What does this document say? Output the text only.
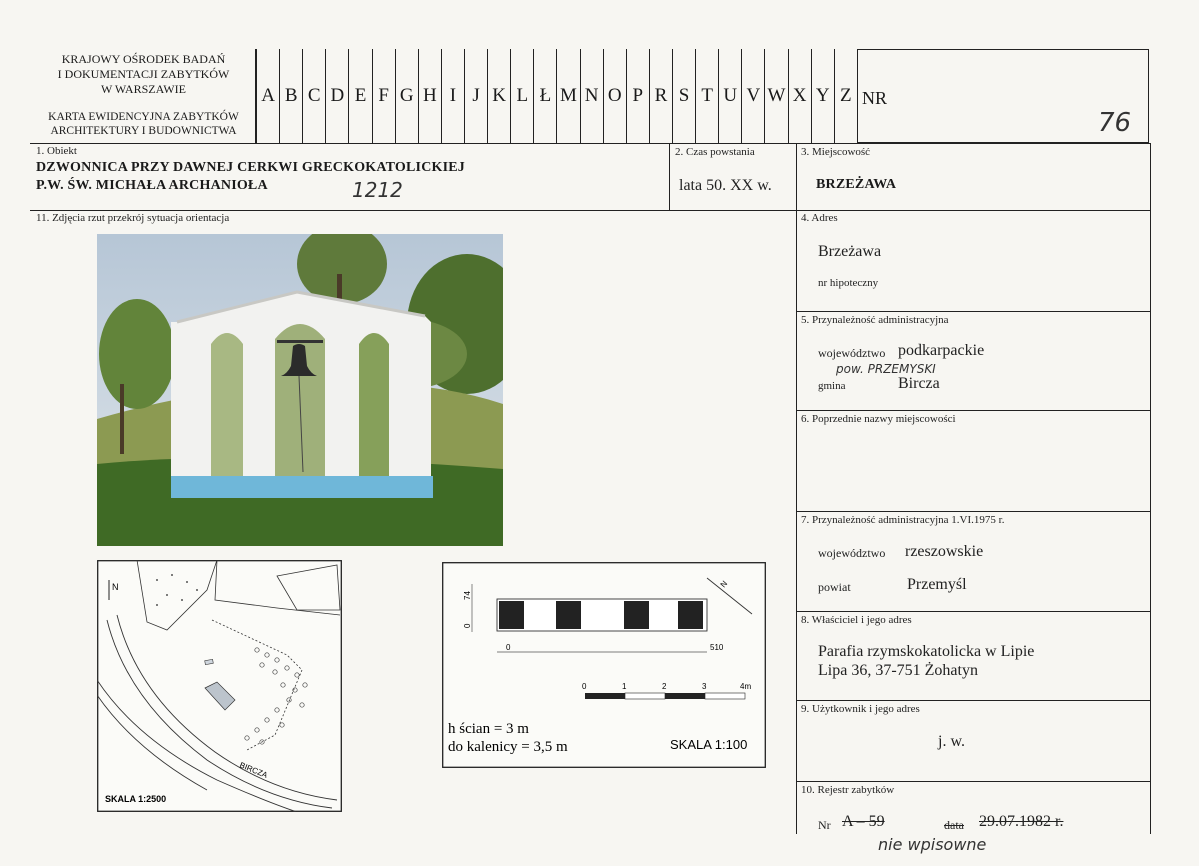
KRAJOWY OŚRODEK BADAŃ
I DOKUMENTACJI ZABYTKÓW
W WARSZAWIE
KARTA EWIDENCYJNA ZABYTKÓW
ARCHITEKTURY I BUDOWNICTWA
A B C D E F G H I J K L Ł M N O P R S T U V W X Y Z NR
76
1. Obiekt
DZWONNICA PRZY DAWNEJ CERKWI GRECKOKATOLICKIEJ
P.W. ŚW. MICHAŁA ARCHANIOŁA	1212
2. Czas powstania
lata 50. XX w.
3. Miejscowość
BRZEŻAWA
11. Zdjęcia rzut przekrój sytuacja orientacja
N
BIRCZA
SKALA 1:2500
74
0
0	510
N
0	1	2	3	4m
h ścian = 3 m
do kalenicy = 3,5 m	SKALA 1:100
4. Adres
Brzeżawa
nr hipoteczny
5. Przynależność administracyjna
województwo podkarpackie
pow. PRZEMYSKI
gmina	Bircza
6. Poprzednie nazwy miejscowości
7. Przynależność administracyjna 1.VI.1975 r.
województwo rzeszowskie
powiat	Przemyśl
8. Właściciel i jego adres
Parafia rzymskokatolicka w Lipie
Lipa 36, 37-751 Żohatyn
9. Użytkownik i jego adres
j. w.
10. Rejestr zabytków
Nr A – 59	data 29.07.1982 r.
nie wpisowne
